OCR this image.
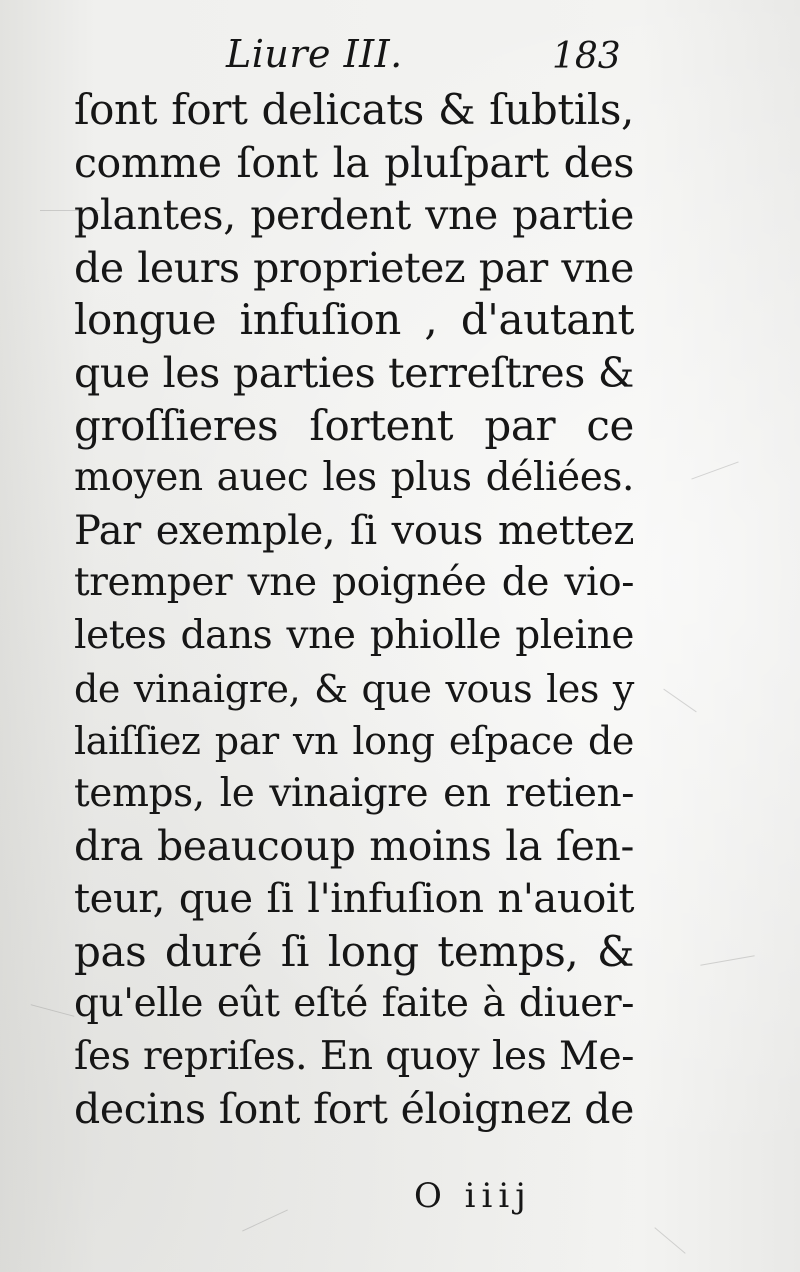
Liure III.	183
ſont fort delicats & ſubtils,
comme ſont la pluſpart des
plantes, perdent vne partie
de leurs proprietez par vne
longue infuſion , d'autant
que les parties terreſtres &
groſſieres ſortent par ce
moyen auec les plus déliées.
Par exemple, ſi vous mettez
tremper vne poignée de vio-
letes dans vne phiolle pleine
de vinaigre, & que vous les y
laiſſiez par vn long eſpace de
temps, le vinaigre en retien-
dra beaucoup moins la ſen-
teur, que ſi l'infuſion n'auoit
pas duré ſi long temps, &
qu'elle eût eſté faite à diuer-
ſes repriſes. En quoy les Me-
decins ſont fort éloignez de
O iiij
